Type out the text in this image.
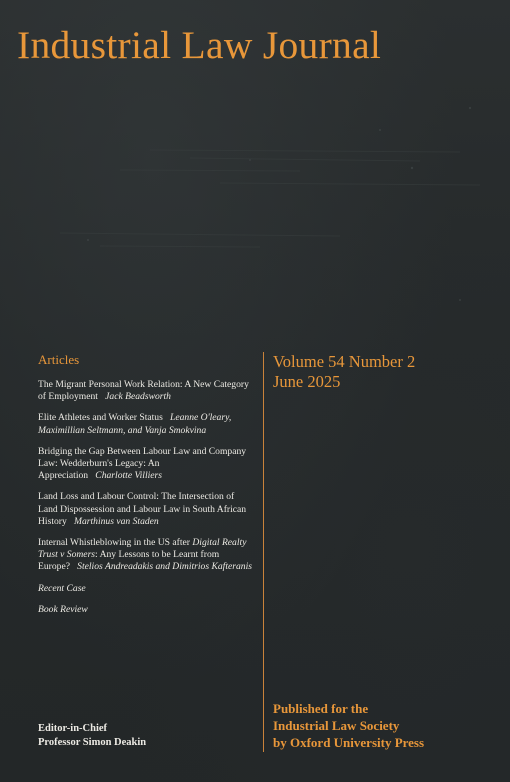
Industrial Law Journal
Articles
The Migrant Personal Work Relation: A New Category of Employment Jack Beadsworth
Elite Athletes and Worker Status Leanne O'leary, Maximillian Seltmann, and Vanja Smokvina
Bridging the Gap Between Labour Law and Company Law: Wedderburn's Legacy: An Appreciation Charlotte Villiers
Land Loss and Labour Control: The Intersection of Land Dispossession and Labour Law in South African History Marthinus van Staden
Internal Whistleblowing in the US after Digital Realty Trust v Somers: Any Lessons to be Learnt from Europe? Stelios Andreadakis and Dimitrios Kafteranis
Recent Case
Book Review
Volume 54 Number 2
June 2025
Published for the
Industrial Law Society
by Oxford University Press
Editor-in-Chief
Professor Simon Deakin
